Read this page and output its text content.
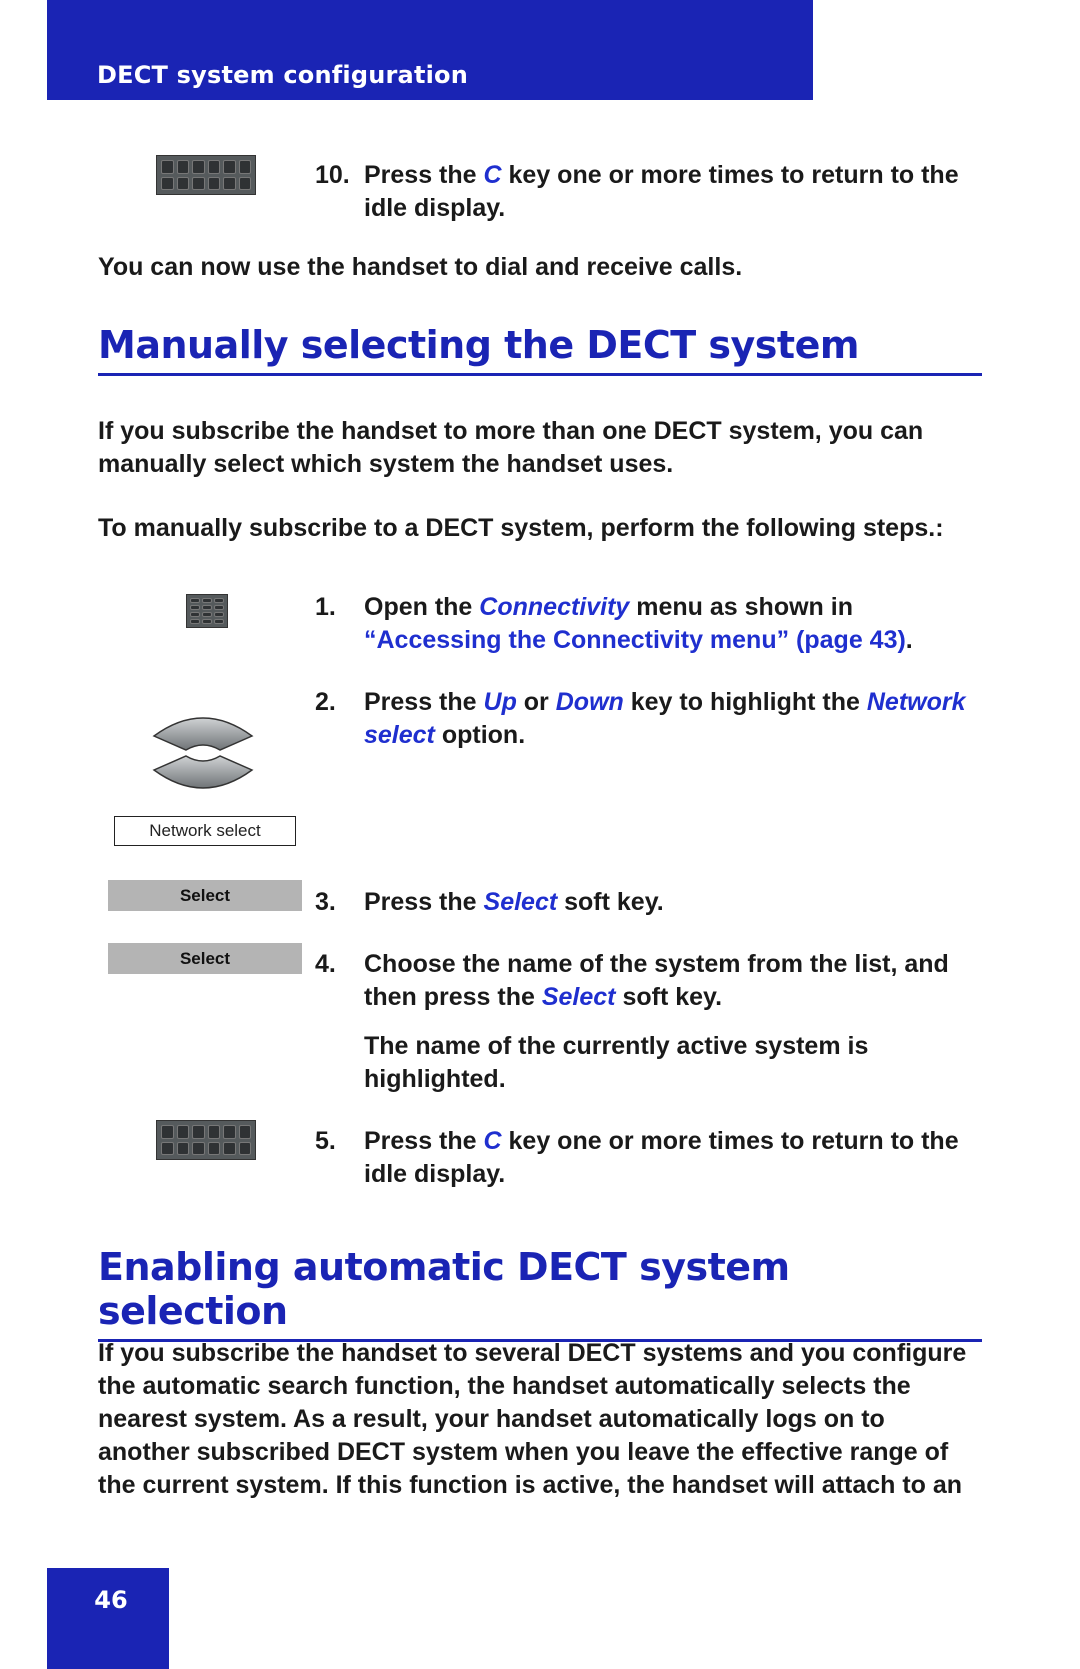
DECT system configuration

10. Press the C key one or more times to return to the
idle display.

You can now use the handset to dial and receive calls.

Manually selecting the DECT system

If you subscribe the handset to more than one DECT system, you can
manually select which system the handset uses.

To manually subscribe to a DECT system, perform the following steps.:

1. Open the Connectivity menu as shown in
“Accessing the Connectivity menu” (page 43).

2. Press the Up or Down key to highlight the Network
select option.

Network select
Select	3. Press the Select soft key.

Select	4. Choose the name of the system from the list, and
then press the Select soft key.

The name of the currently active system is
highlighted.

5. Press the C key one or more times to return to the
idle display.

Enabling automatic DECT system selection

If you subscribe the handset to several DECT systems and you configure
the automatic search function, the handset automatically selects the
nearest system. As a result, your handset automatically logs on to
another subscribed DECT system when you leave the effective range of
the current system. If this function is active, the handset will attach to an

46
